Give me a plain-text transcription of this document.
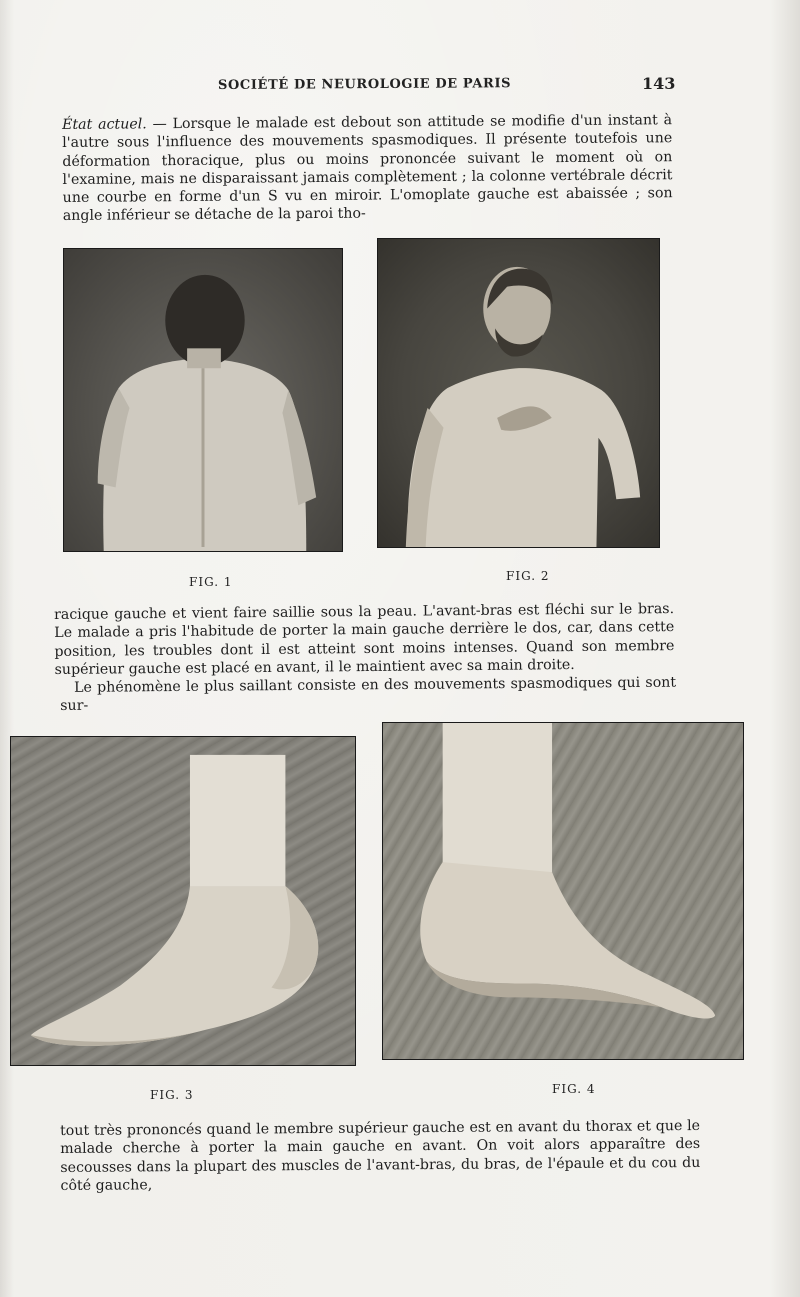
SOCIÉTÉ DE NEUROLOGIE DE PARIS	143

État actuel. — Lorsque le malade est debout son attitude se modifie d'un instant à l'autre sous l'influence des mouvements spasmodiques. Il présente toutefois une déformation thoracique, plus ou moins prononcée suivant le moment où on l'examine, mais ne disparaissant jamais complètement ; la colonne vertébrale décrit une courbe en forme d'un S vu en miroir. L'omoplate gauche est abaissée ; son angle inférieur se détache de la paroi tho-

FIG. 1	FIG. 2

racique gauche et vient faire saillie sous la peau. L'avant-bras est fléchi sur le bras. Le malade a pris l'habitude de porter la main gauche derrière le dos, car, dans cette position, les troubles dont il est atteint sont moins intenses. Quand son membre supérieur gauche est placé en avant, il le maintient avec sa main droite.

Le phénomène le plus saillant consiste en des mouvements spasmodiques qui sont sur-

FIG. 3	FIG. 4

tout très prononcés quand le membre supérieur gauche est en avant du thorax et que le malade cherche à porter la main gauche en avant. On voit alors apparaître des secousses dans la plupart des muscles de l'avant-bras, du bras, de l'épaule et du cou du côté gauche,
